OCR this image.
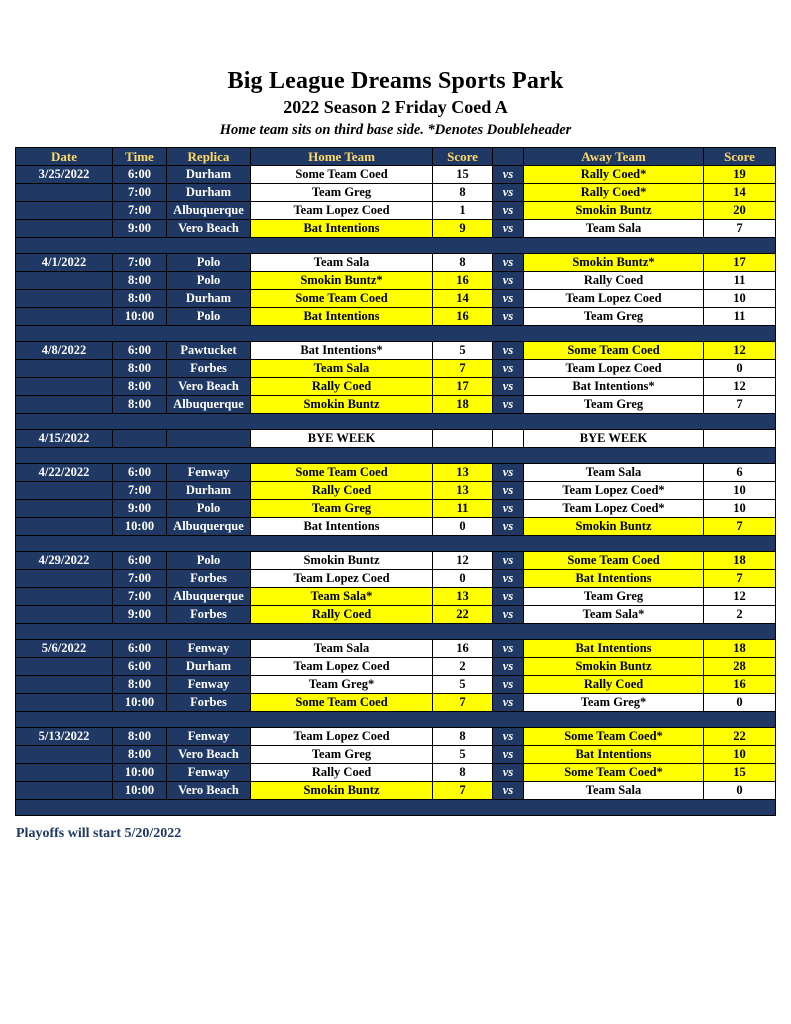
Big League Dreams Sports Park
2022 Season 2 Friday Coed A
Home team sits on third base side. *Denotes Doubleheader
Date	Time	Replica	Home Team	Score		Away Team	Score
3/25/2022	6:00	Durham	Some Team Coed	15	vs	Rally Coed*	19
	7:00	Durham	Team Greg	8	vs	Rally Coed*	14
	7:00	Albuquerque	Team Lopez Coed	1	vs	Smokin Buntz	20
	9:00	Vero Beach	Bat Intentions	9	vs	Team Sala	7

4/1/2022	7:00	Polo	Team Sala	8	vs	Smokin Buntz*	17
	8:00	Polo	Smokin Buntz*	16	vs	Rally Coed	11
	8:00	Durham	Some Team Coed	14	vs	Team Lopez Coed	10
	10:00	Polo	Bat Intentions	16	vs	Team Greg	11

4/8/2022	6:00	Pawtucket	Bat Intentions*	5	vs	Some Team Coed	12
	8:00	Forbes	Team Sala	7	vs	Team Lopez Coed	0
	8:00	Vero Beach	Rally Coed	17	vs	Bat Intentions*	12
	8:00	Albuquerque	Smokin Buntz	18	vs	Team Greg	7

4/15/2022			BYE WEEK			BYE WEEK	

4/22/2022	6:00	Fenway	Some Team Coed	13	vs	Team Sala	6
	7:00	Durham	Rally Coed	13	vs	Team Lopez Coed*	10
	9:00	Polo	Team Greg	11	vs	Team Lopez Coed*	10
	10:00	Albuquerque	Bat Intentions	0	vs	Smokin Buntz	7

4/29/2022	6:00	Polo	Smokin Buntz	12	vs	Some Team Coed	18
	7:00	Forbes	Team Lopez Coed	0	vs	Bat Intentions	7
	7:00	Albuquerque	Team Sala*	13	vs	Team Greg	12
	9:00	Forbes	Rally Coed	22	vs	Team Sala*	2

5/6/2022	6:00	Fenway	Team Sala	16	vs	Bat Intentions	18
	6:00	Durham	Team Lopez Coed	2	vs	Smokin Buntz	28
	8:00	Fenway	Team Greg*	5	vs	Rally Coed	16
	10:00	Forbes	Some Team Coed	7	vs	Team Greg*	0

5/13/2022	8:00	Fenway	Team Lopez Coed	8	vs	Some Team Coed*	22
	8:00	Vero Beach	Team Greg	5	vs	Bat Intentions	10
	10:00	Fenway	Rally Coed	8	vs	Some Team Coed*	15
	10:00	Vero Beach	Smokin Buntz	7	vs	Team Sala	0

Playoffs will start 5/20/2022
